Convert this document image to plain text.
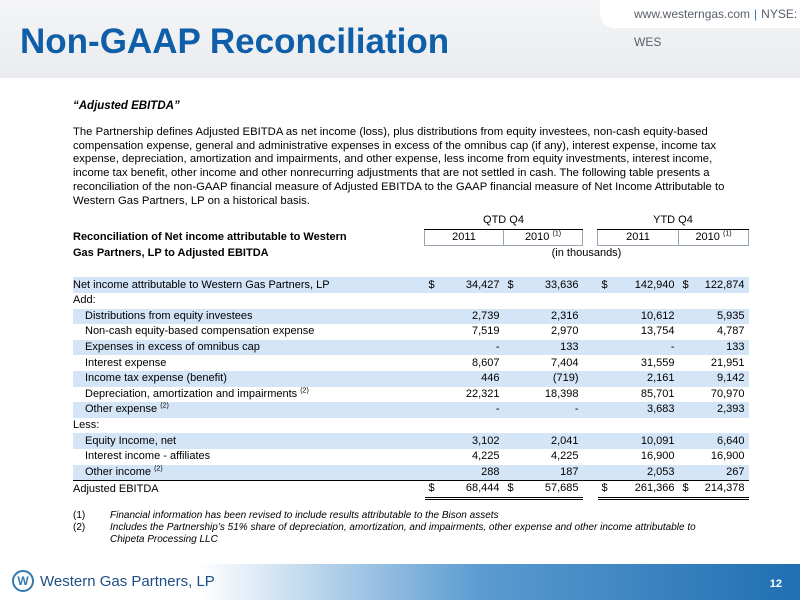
www.westerngas.com | NYSE: WES
Non-GAAP Reconciliation
“Adjusted EBITDA”

The Partnership defines Adjusted EBITDA as net income (loss), plus distributions from equity investees, non-cash equity-based compensation expense, general and administrative expenses in excess of the omnibus cap (if any), interest expense, income tax expense, depreciation, amortization and impairments, and other expense, less income from equity investments, interest income, income tax benefit, other income and other nonrecurring adjustments that are not settled in cash. The following table presents a reconciliation of the non-GAAP financial measure of Adjusted EBITDA to the GAAP financial measure of Net Income Attributable to Western Gas Partners, LP on a historical basis.

		QTD Q4			YTD Q4	
Reconciliation of Net income attributable to Western		2011	2010 $^{(1)}$		2011	2010 $^{(1)}$
Gas Partners, LP to Adjusted EBITDA		(in thousands)				

Net income attributable to Western Gas Partners, LP		$ 34,427	$ 33,636		$ 142,940	$ 122,874
Add:						
Distributions from equity investees		2,739	2,316		10,612	5,935
Non-cash equity-based compensation expense		7,519	2,970		13,754	4,787
Expenses in excess of omnibus cap		-	133		-	133
Interest expense		8,607	7,404		31,559	21,951
Income tax expense (benefit)		446	(719)		2,161	9,142
Depreciation, amortization and impairments $^{(2)}$		22,321	18,398		85,701	70,970
Other expense $^{(2)}$		-	-		3,683	2,393
Less:						
Equity Income, net		3,102	2,041		10,091	6,640
Interest income - affiliates		4,225	4,225		16,900	16,900
Other income $^{(2)}$		288	187		2,053	267
Adjusted EBITDA		$ 68,444	$ 57,685		$ 261,366	$ 214,378
(1)	Financial information has been revised to include results attributable to the Bison assets
(2)	Includes the Partnership’s 51% share of depreciation, amortization, and impairments, other expense and other income attributable to Chipeta Processing LLC
W Western Gas Partners, LP	12
